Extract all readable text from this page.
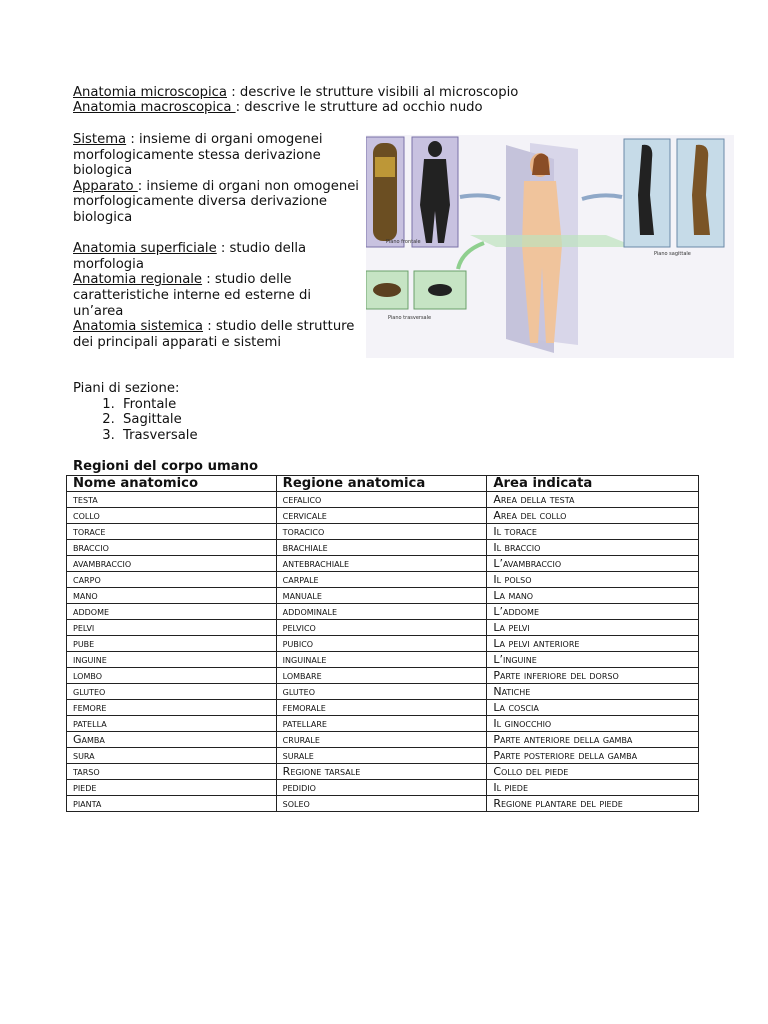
Anatomia microscopica : descrive le strutture visibili al microscopio
Anatomia macroscopica : descrive le strutture ad occhio nudo

Sistema : insieme di organi omogenei morfologicamente stessa derivazione biologica

Apparato : insieme di organi non omogenei morfologicamente diversa derivazione biologica

Anatomia superficiale : studio della morfologia

Anatomia regionale : studio delle caratteristiche interne ed esterne di un’area

Anatomia sistemica : studio delle strutture dei principali apparati e sistemi

Piani di sezione:
1. Frontale
2. Sagittale
3. Trasversale
Piano frontale
Piano trasversale
Piano sagittale
Regioni del corpo umano
Nome anatomico	Regione anatomica	Area indicata
testa	cefalico	Area della testa
collo	cervicale	Area del collo
torace	toracico	Il torace
braccio	brachiale	Il braccio
avambraccio	antebrachiale	L’avambraccio
carpo	carpale	Il polso
mano	manuale	La mano
addome	addominale	L’addome
pelvi	pelvico	La pelvi
pube	pubico	La pelvi anteriore
inguine	inguinale	L’inguine
lombo	lombare	Parte inferiore del dorso
gluteo	gluteo	Natiche
femore	femorale	La coscia
patella	patellare	Il ginocchio
Gamba	crurale	Parte anteriore della gamba
sura	surale	Parte posteriore della gamba
tarso	Regione tarsale	Collo del piede
piede	pedidio	Il piede
pianta	soleo	Regione plantare del piede
